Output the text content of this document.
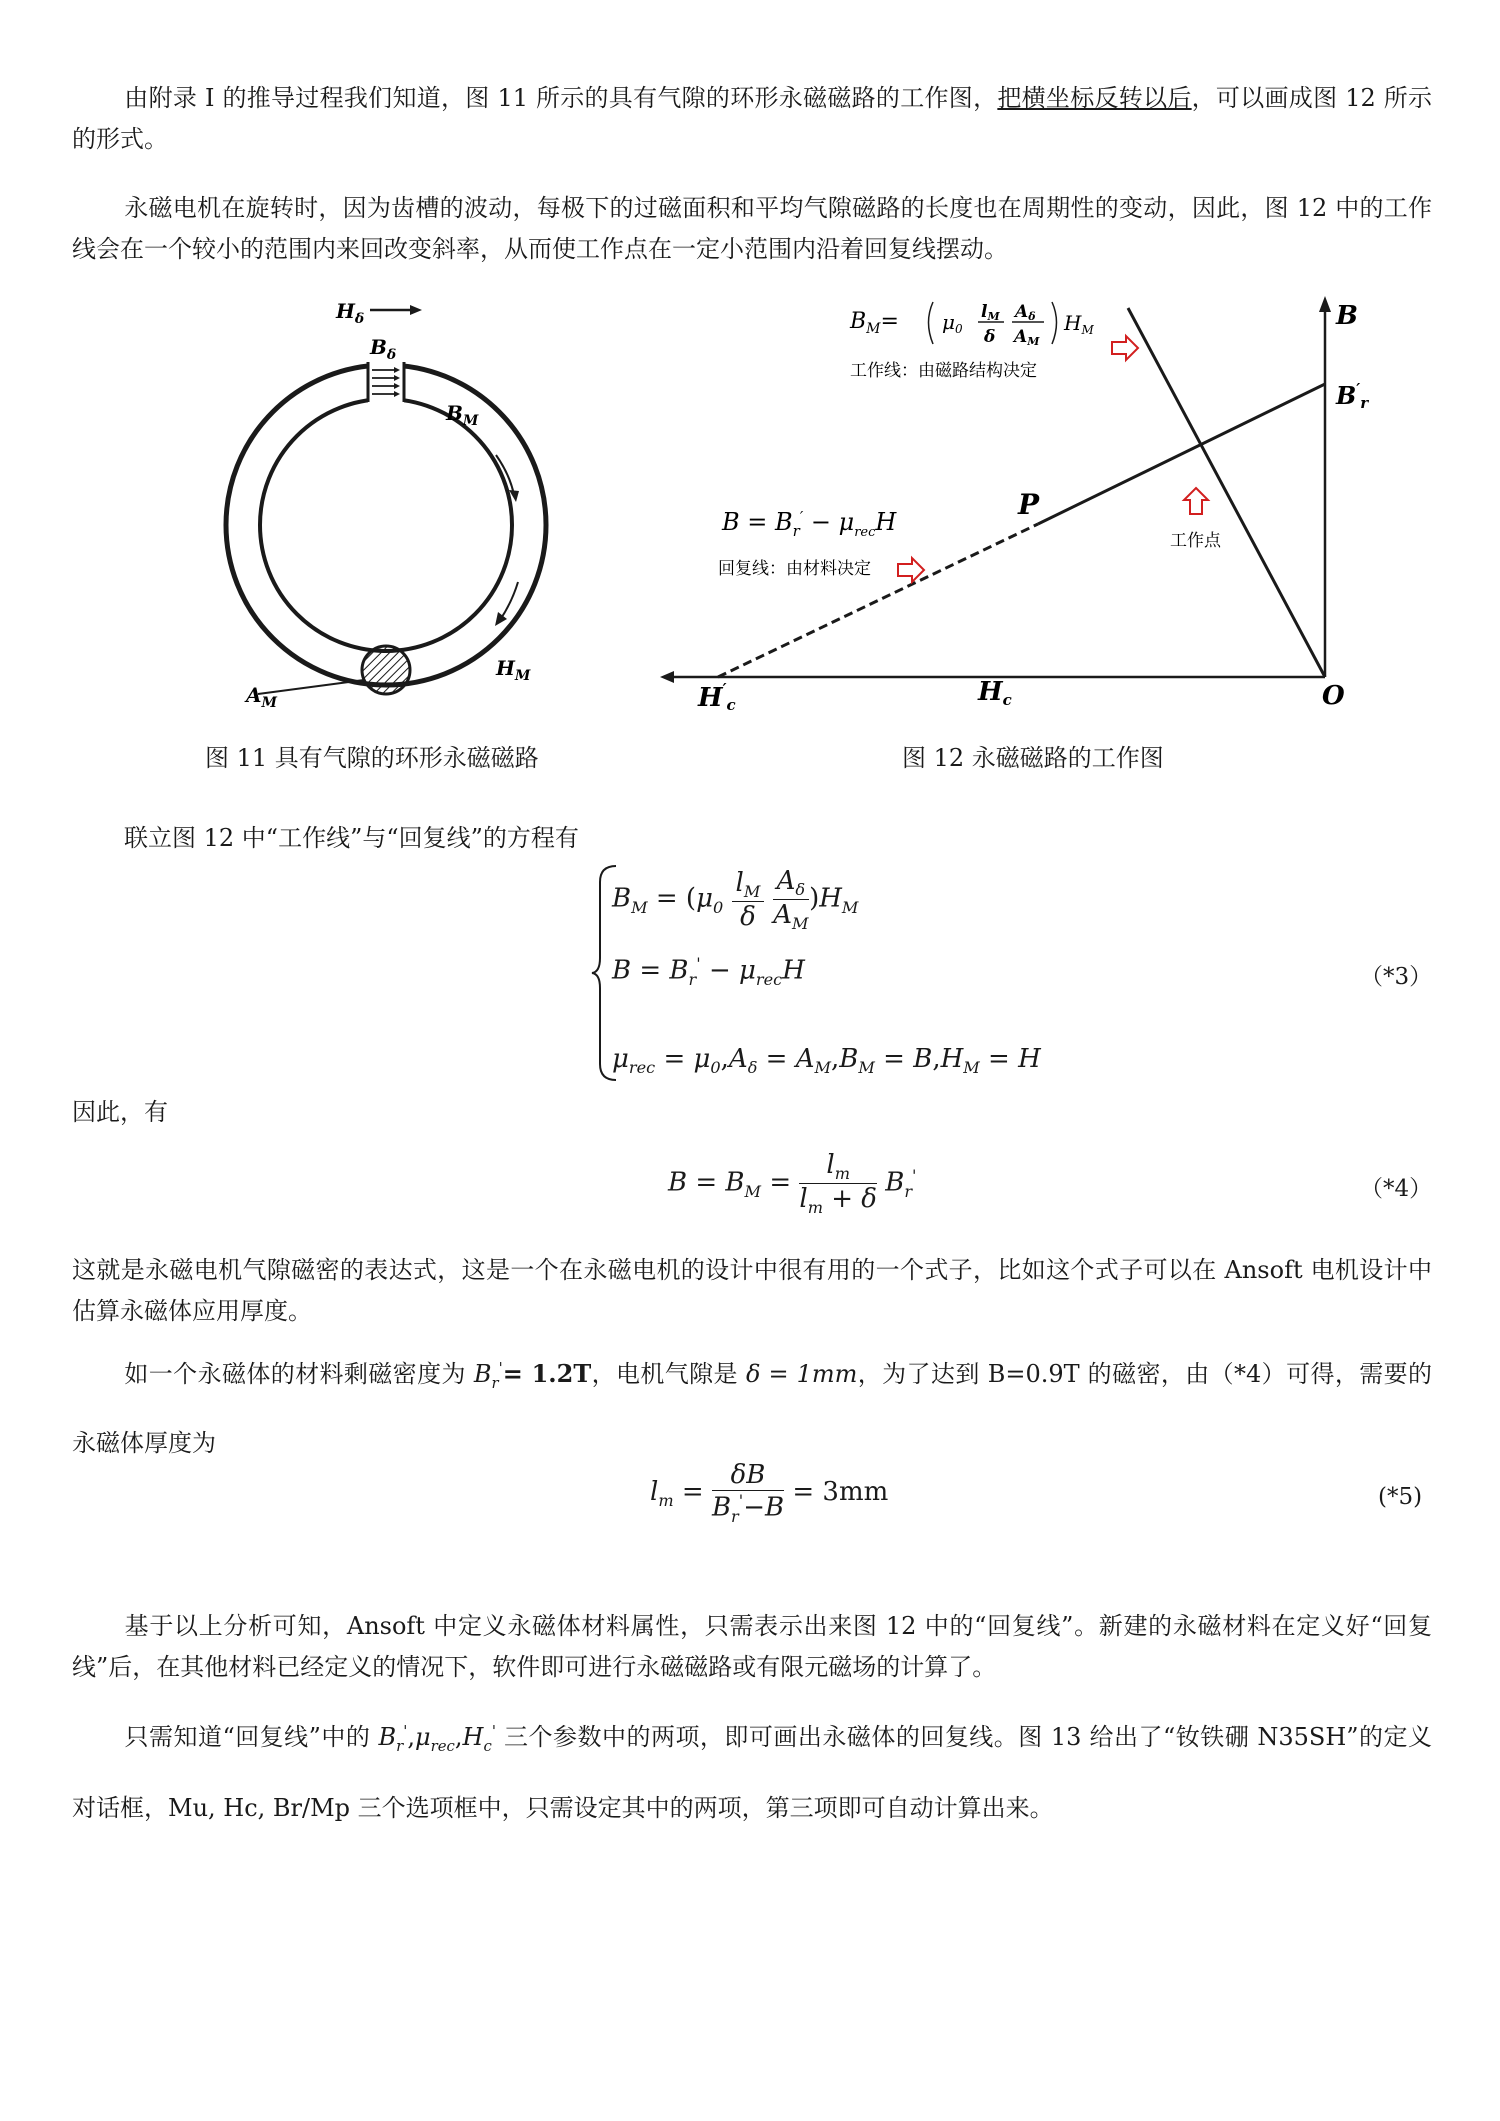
由附录 I 的推导过程我们知道，图 11 所示的具有气隙的环形永磁磁路的工作图，把横坐标反转以后，可以画成图 12 所示的形式。

永磁电机在旋转时，因为齿槽的波动，每极下的过磁面积和平均气隙磁路的长度也在周期性的变动，因此，图 12 中的工作线会在一个较小的范围内来回改变斜率，从而使工作点在一定小范围内沿着回复线摆动。

$H_\delta$
$B_\delta$
$B_M$
$H_M$
$A_M$
图 11 具有气隙的环形永磁磁路
$B_M= \mu_0$
lM
δ
Aδ
AM
$H_M$
工作线：由磁路结构决定
$B = B_r' - \mu_{rec}H$
回复线：由材料决定
B
$B'_r$
P
工作点
$H'_c$	Hc	O
图 12 永磁磁路的工作图

联立图 12 中“工作线”与“回复线”的方程有

$B_M = (\mu_0 \frac{l_M}{\delta}$
$\frac{A_\delta}{A_M} )H_M$
$B = B_r' - \mu_{rec}H$
$\mu_{rec} = \mu_0,A_\delta = A_M,B_M = B,H_M = H$
（*3）

因此，有

$B = B_M = \frac{l_m}{l_m + \delta} B_r'$
（*4）

这就是永磁电机气隙磁密的表达式，这是一个在永磁电机的设计中很有用的一个式子，比如这个式子可以在 Ansoft 电机设计中估算永磁体应用厚度。

如一个永磁体的材料剩磁密度为 $B_r'= 1.2T$，电机气隙是 δ = 1mm，为了达到 B=0.9T 的磁密，由（*4）可得，需要的永磁体厚度为

$l_m = \frac{\delta B}{B_r'-B} = 3mm$	(*5)

基于以上分析可知，Ansoft 中定义永磁体材料属性，只需表示出来图 12 中的“回复线”。新建的永磁材料在定义好“回复线”后，在其他材料已经定义的情况下，软件即可进行永磁磁路或有限元磁场的计算了。

只需知道“回复线”中的 $B_r',\mu_{rec},H_c'$ 三个参数中的两项，即可画出永磁体的回复线。图 13 给出了“钕铁硼 N35SH”的定义对话框，Mu, Hc, Br/Mp 三个选项框中，只需设定其中的两项，第三项即可自动计算出来。
